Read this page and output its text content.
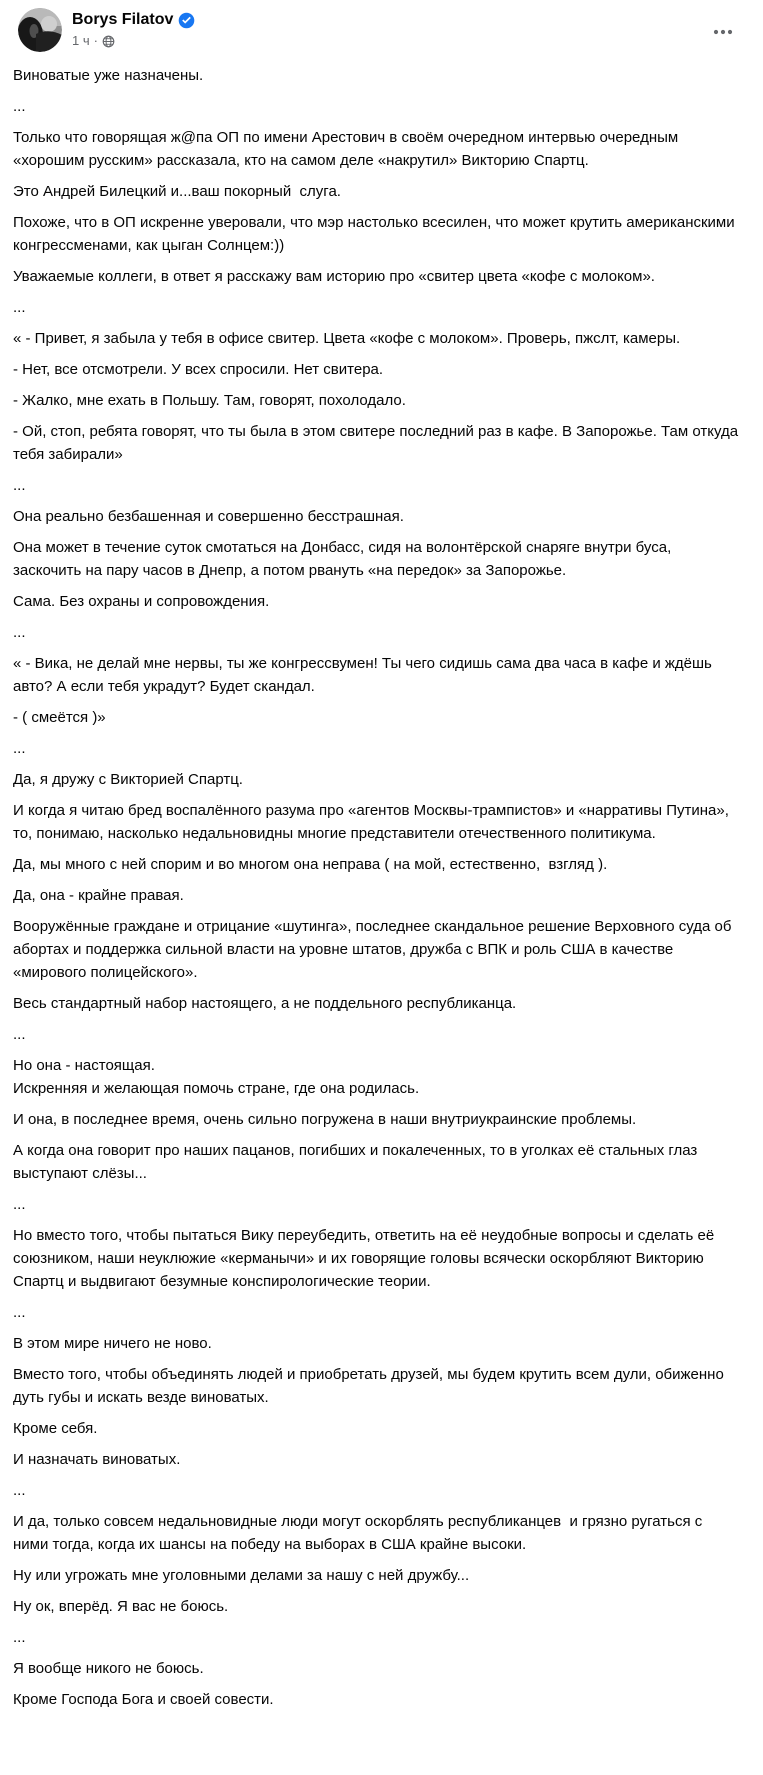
Borys Filatov
1 ч ·
Виноватые уже назначены.
...
Только что говорящая ж@па ОП по имени Арестович в своём очередном интервью очередным «хорошим русским» рассказала, кто на самом деле «накрутил» Викторию Спартц.
Это Андрей Билецкий и...ваш покорный  слуга.
Похоже, что в ОП искренне уверовали, что мэр настолько всесилен, что может крутить американскими конгрессменами, как цыган Солнцем:))
Уважаемые коллеги, в ответ я расскажу вам историю про «свитер цвета «кофе с молоком».
...
« - Привет, я забыла у тебя в офисе свитер. Цвета «кофе с молоком». Проверь, пжслт, камеры.
- Нет, все отсмотрели. У всех спросили. Нет свитера.
- Жалко, мне ехать в Польшу. Там, говорят, похолодало.
- Ой, стоп, ребята говорят, что ты была в этом свитере последний раз в кафе. В Запорожье. Там откуда тебя забирали»
...
Она реально безбашенная и совершенно бесстрашная.
Она может в течение суток смотаться на Донбасс, сидя на волонтёрской снаряге внутри буса, заскочить на пару часов в Днепр, а потом рвануть «на передок» за Запорожье.
Сама. Без охраны и сопровождения.
...
« - Вика, не делай мне нервы, ты же конгрессвумен! Ты чего сидишь сама два часа в кафе и ждёшь авто? А если тебя украдут? Будет скандал.
- ( смеётся )»
...
Да, я дружу с Викторией Спартц.
И когда я читаю бред воспалённого разума про «агентов Москвы-трампистов» и «нарративы Путина», то, понимаю, насколько недальновидны многие представители отечественного политикума.
Да, мы много с ней спорим и во многом она неправа ( на мой, естественно,  взгляд ).
Да, она - крайне правая.
Вооружённые граждане и отрицание «шутинга», последнее скандальное решение Верховного суда об абортах и поддержка сильной власти на уровне штатов, дружба с ВПК и роль США в качестве «мирового полицейского».
Весь стандартный набор настоящего, а не поддельного республиканца.
...
Но она - настоящая.
Искренняя и желающая помочь стране, где она родилась.
И она, в последнее время, очень сильно погружена в наши внутриукраинские проблемы.
А когда она говорит про наших пацанов, погибших и покалеченных, то в уголках её стальных глаз выступают слёзы...
...
Но вместо того, чтобы пытаться Вику переубедить, ответить на её неудобные вопросы и сделать её союзником, наши неуклюжие «керманычи» и их говорящие головы всячески оскорбляют Викторию Спартц и выдвигают безумные конспирологические теории.
...
В этом мире ничего не ново.
Вместо того, чтобы объединять людей и приобретать друзей, мы будем крутить всем дули, обиженно дуть губы и искать везде виноватых.
Кроме себя.
И назначать виноватых.
...
И да, только совсем недальновидные люди могут оскорблять республиканцев  и грязно ругаться с ними тогда, когда их шансы на победу на выборах в США крайне высоки.
Ну или угрожать мне уголовными делами за нашу с ней дружбу...
Ну ок, вперёд. Я вас не боюсь.
...
Я вообще никого не боюсь.
Кроме Господа Бога и своей совести.
